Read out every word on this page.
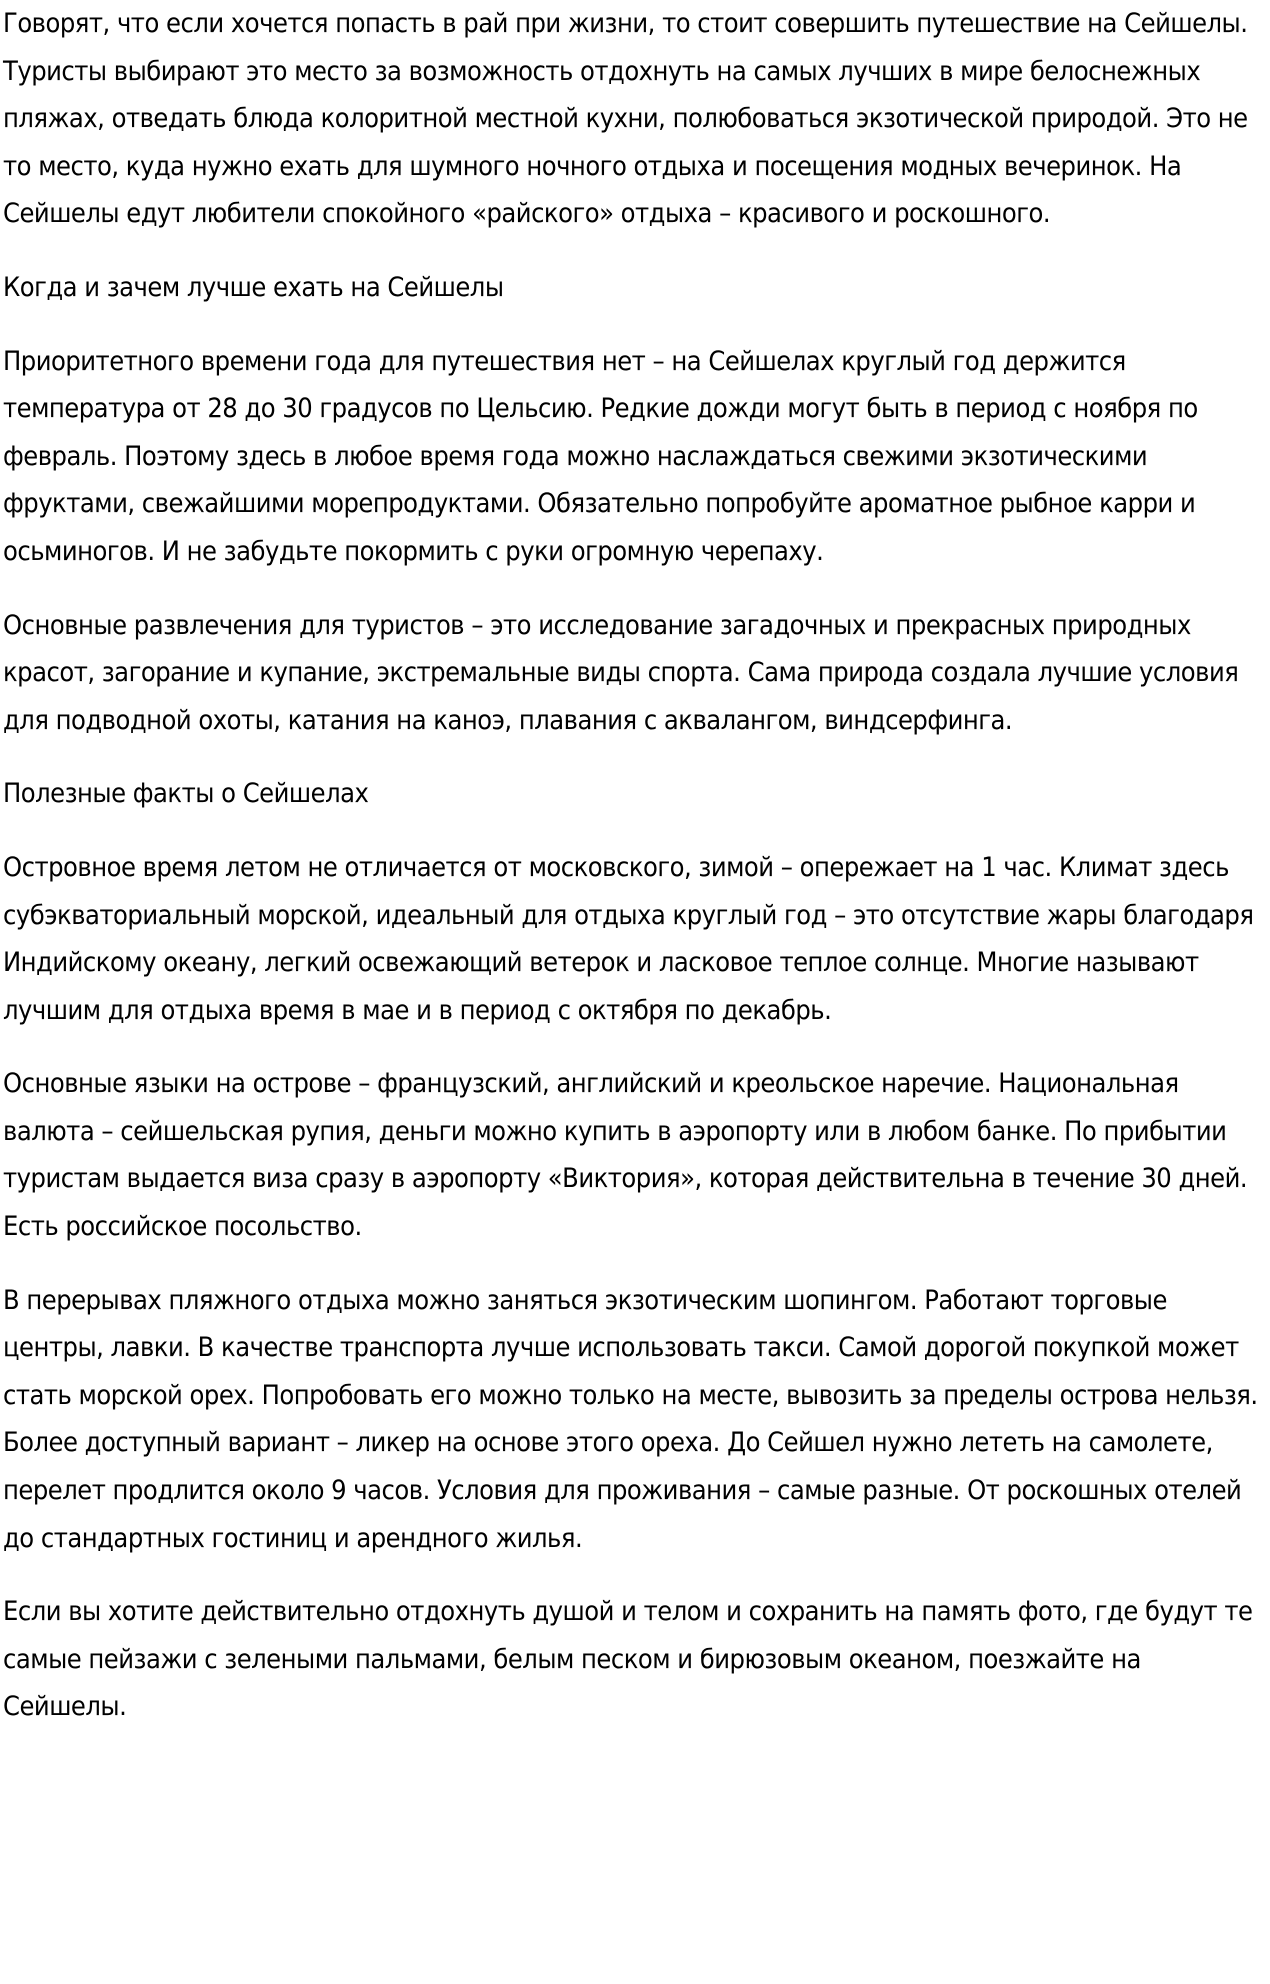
Говорят, что если хочется попасть в рай при жизни, то стоит совершить путешествие на Сейшелы. Туристы выбирают это место за возможность отдохнуть на самых лучших в мире белоснежных пляжах, отведать блюда колоритной местной кухни, полюбоваться экзотической природой. Это не то место, куда нужно ехать для шумного ночного отдыха и посещения модных вечеринок. На Сейшелы едут любители спокойного «райского» отдыха – красивого и роскошного.

Когда и зачем лучше ехать на Сейшелы

Приоритетного времени года для путешествия нет – на Сейшелах круглый год держится температура от 28 до 30 градусов по Цельсию. Редкие дожди могут быть в период с ноября по февраль. Поэтому здесь в любое время года можно наслаждаться свежими экзотическими фруктами, свежайшими морепродуктами. Обязательно попробуйте ароматное рыбное карри и осьминогов. И не забудьте покормить с руки огромную черепаху.

Основные развлечения для туристов – это исследование загадочных и прекрасных природных красот, загорание и купание, экстремальные виды спорта. Сама природа создала лучшие условия для подводной охоты, катания на каноэ, плавания с аквалангом, виндсерфинга.

Полезные факты о Сейшелах

Островное время летом не отличается от московского, зимой – опережает на 1 час. Климат здесь субэкваториальный морской, идеальный для отдыха круглый год – это отсутствие жары благодаря Индийскому океану, легкий освежающий ветерок и ласковое теплое солнце. Многие называют лучшим для отдыха время в мае и в период с октября по декабрь.

Основные языки на острове – французский, английский и креольское наречие. Национальная валюта – сейшельская рупия, деньги можно купить в аэропорту или в любом банке. По прибытии туристам выдается виза сразу в аэропорту «Виктория», которая действительна в течение 30 дней. Есть российское посольство.

В перерывах пляжного отдыха можно заняться экзотическим шопингом. Работают торговые центры, лавки. В качестве транспорта лучше использовать такси. Самой дорогой покупкой может стать морской орех. Попробовать его можно только на месте, вывозить за пределы острова нельзя. Более доступный вариант – ликер на основе этого ореха. До Сейшел нужно лететь на самолете, перелет продлится около 9 часов. Условия для проживания – самые разные. От роскошных отелей до стандартных гостиниц и арендного жилья.

Если вы хотите действительно отдохнуть душой и телом и сохранить на память фото, где будут те самые пейзажи с зелеными пальмами, белым песком и бирюзовым океаном, поезжайте на Сейшелы.
